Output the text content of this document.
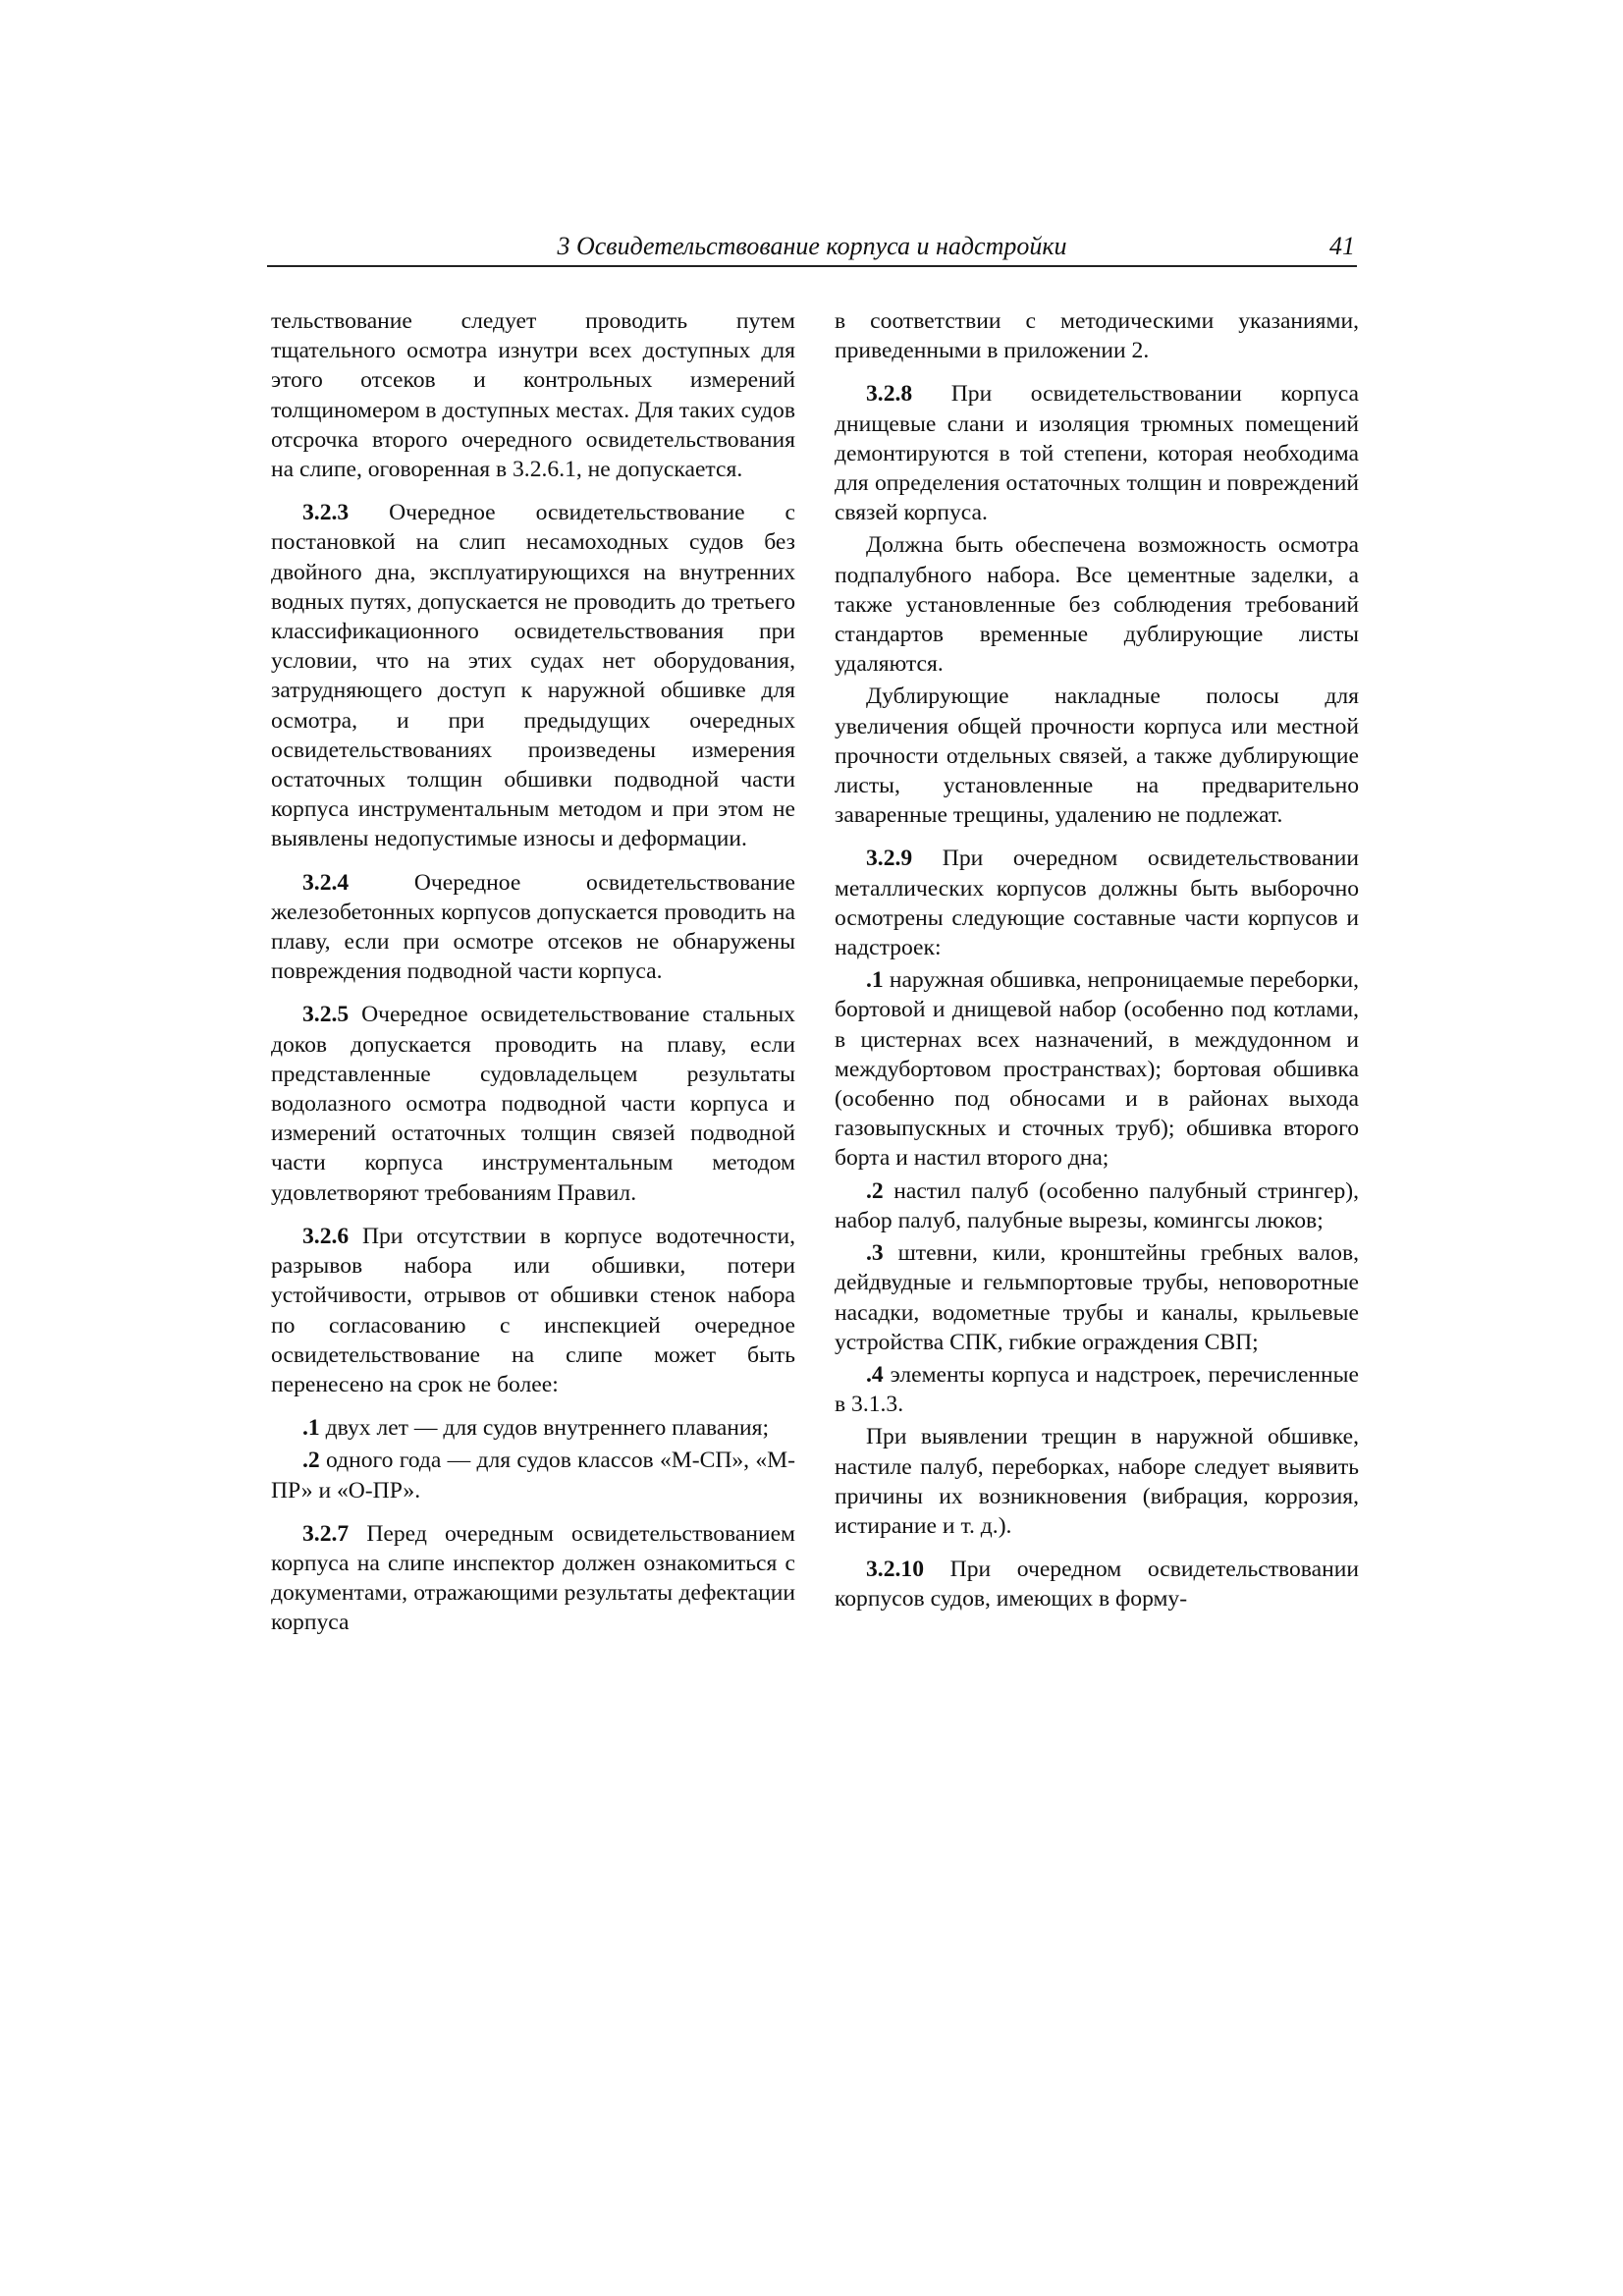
3 Освидетельствование корпуса и надстройки	41

тельствование следует проводить путем тщательного осмотра изнутри всех доступных для этого отсеков и контрольных измерений толщиномером в доступных местах. Для таких судов отсрочка второго очередного освидетельствования на слипе, оговоренная в 3.2.6.1, не допускается.

3.2.3 Очередное освидетельствование с постановкой на слип несамоходных судов без двойного дна, эксплуатирующихся на внутренних водных путях, допускается не проводить до третьего классификационного освидетельствования при условии, что на этих судах нет оборудования, затрудняющего доступ к наружной обшивке для осмотра, и при предыдущих очередных освидетельствованиях произведены измерения остаточных толщин обшивки подводной части корпуса инструментальным методом и при этом не выявлены недопустимые износы и деформации.

3.2.4	Очередное освидетельствование железобетонных корпусов допускается проводить на плаву, если при осмотре отсеков не обнаружены повреждения подводной части корпуса.

3.2.5 Очередное освидетельствование стальных доков допускается проводить на плаву, если представленные судовладельцем результаты водолазного осмотра подводной части корпуса и измерений остаточных толщин связей подводной части корпуса инструментальным методом удовлетворяют требованиям Правил.

3.2.6 При отсутствии в корпусе водотечности, разрывов набора или обшивки, потери устойчивости, отрывов от обшивки стенок набора по согласованию с инспекцией очередное освидетельствование на слипе может быть перенесено на срок не более:

.1 двух лет — для судов внутреннего плавания;

.2 одного года — для судов классов «М-СП», «М-ПР» и «О-ПР».

3.2.7 Перед очередным освидетельствованием корпуса на слипе инспектор должен ознакомиться с документами, отражающими результаты дефектации корпуса

в соответствии с методическими указаниями, приведенными в приложении 2.

3.2.8 При освидетельствовании корпуса днищевые слани и изоляция трюмных помещений демонтируются в той степени, которая необходима для определения остаточных толщин и повреждений связей корпуса.

Должна быть обеспечена возможность осмотра подпалубного набора. Все цементные заделки, а также установленные без соблюдения требований стандартов временные дублирующие листы удаляются.

Дублирующие накладные полосы для увеличения общей прочности корпуса или местной прочности отдельных связей, а также дублирующие листы, установленные на предварительно заваренные трещины, удалению не подлежат.

3.2.9 При очередном освидетельствовании металлических корпусов должны быть выборочно осмотрены следующие составные части корпусов и надстроек:

.1 наружная обшивка, непроницаемые переборки, бортовой и днищевой набор (особенно под котлами, в цистернах всех назначений, в междудонном и междубортовом пространствах); бортовая обшивка (особенно под обносами и в районах выхода газовыпускных и сточных труб); обшивка второго борта и настил второго дна;

.2 настил палуб (особенно палубный стрингер), набор палуб, палубные вырезы, комингсы люков;

.3 штевни, кили, кронштейны гребных валов, дейдвудные и гельмпортовые трубы, неповоротные насадки, водометные трубы и каналы, крыльевые устройства СПК, гибкие ограждения СВП;

.4 элементы корпуса и надстроек, перечисленные в 3.1.3.

При выявлении трещин в наружной обшивке, настиле палуб, переборках, наборе следует выявить причины их возникновения (вибрация, коррозия, истирание и т. д.).

3.2.10 При очередном освидетельствовании корпусов судов, имеющих в форму-
